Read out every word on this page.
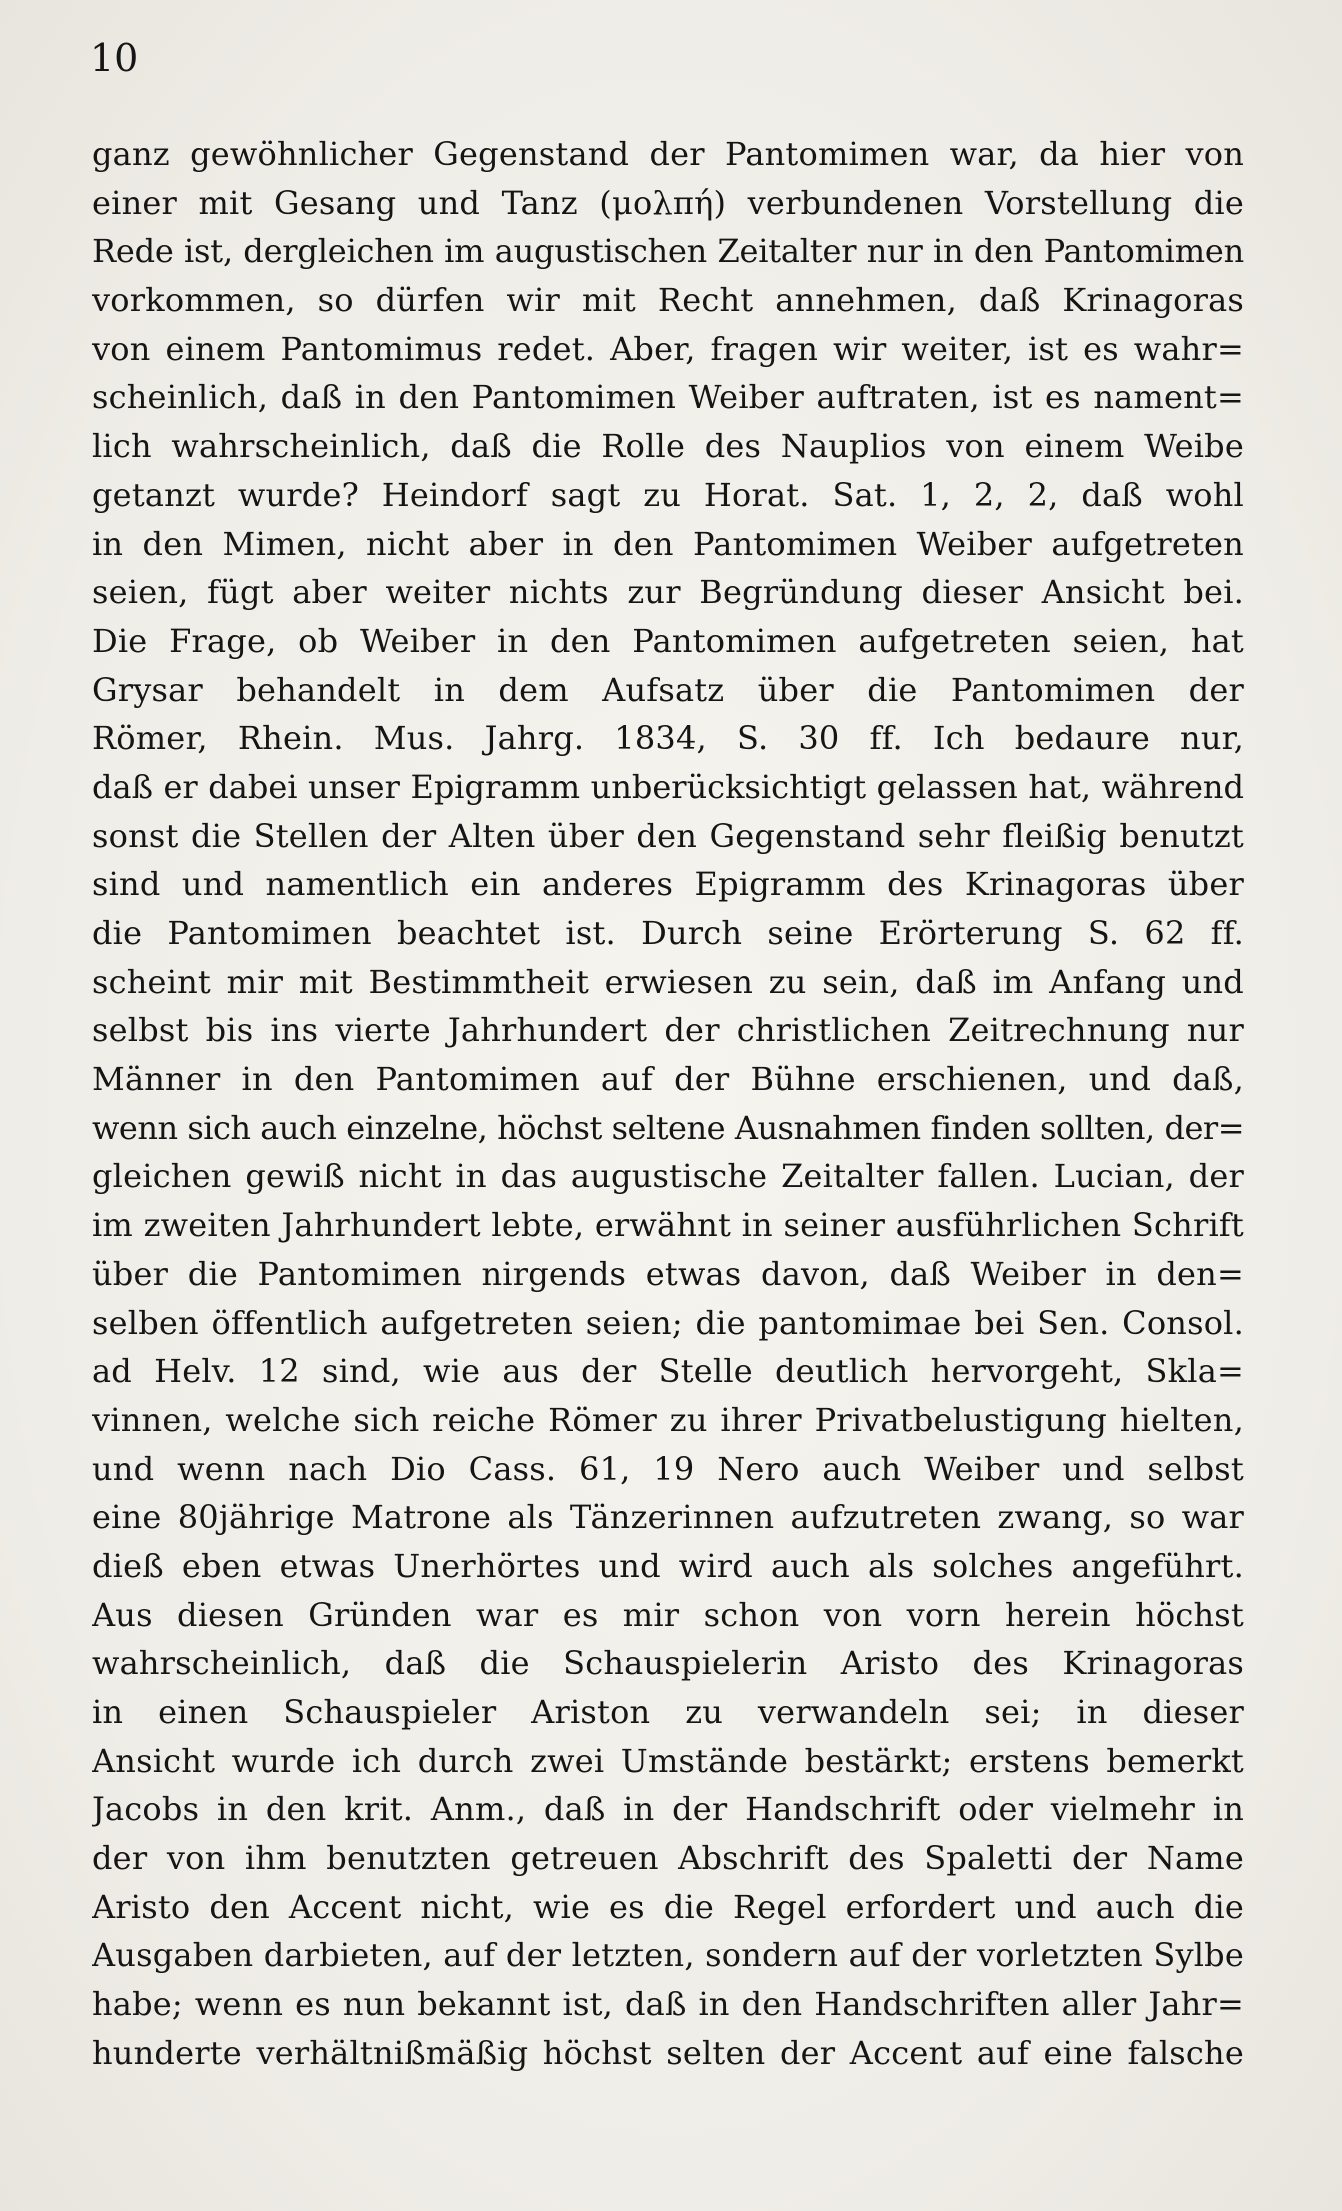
10
ganz gewöhnlicher Gegenstand der Pantomimen war, da hier von
einer mit Gesang und Tanz (μολπή) verbundenen Vorstellung die
Rede ist, dergleichen im augustischen Zeitalter nur in den Pantomimen
vorkommen, so dürfen wir mit Recht annehmen, daß Krinagoras
von einem Pantomimus redet. Aber, fragen wir weiter, ist es wahr=
scheinlich, daß in den Pantomimen Weiber auftraten, ist es nament=
lich wahrscheinlich, daß die Rolle des Nauplios von einem Weibe
getanzt wurde? Heindorf sagt zu Horat. Sat. 1, 2, 2, daß wohl
in den Mimen, nicht aber in den Pantomimen Weiber aufgetreten
seien, fügt aber weiter nichts zur Begründung dieser Ansicht bei.
Die Frage, ob Weiber in den Pantomimen aufgetreten seien, hat
Grysar behandelt in dem Aufsatz über die Pantomimen der
Römer, Rhein. Mus. Jahrg. 1834, S. 30 ff. Ich bedaure nur,
daß er dabei unser Epigramm unberücksichtigt gelassen hat, während
sonst die Stellen der Alten über den Gegenstand sehr fleißig benutzt
sind und namentlich ein anderes Epigramm des Krinagoras über
die Pantomimen beachtet ist. Durch seine Erörterung S. 62 ff.
scheint mir mit Bestimmtheit erwiesen zu sein, daß im Anfang und
selbst bis ins vierte Jahrhundert der christlichen Zeitrechnung nur
Männer in den Pantomimen auf der Bühne erschienen, und daß,
wenn sich auch einzelne, höchst seltene Ausnahmen finden sollten, der=
gleichen gewiß nicht in das augustische Zeitalter fallen. Lucian, der
im zweiten Jahrhundert lebte, erwähnt in seiner ausführlichen Schrift
über die Pantomimen nirgends etwas davon, daß Weiber in den=
selben öffentlich aufgetreten seien; die pantomimae bei Sen. Consol.
ad Helv. 12 sind, wie aus der Stelle deutlich hervorgeht, Skla=
vinnen, welche sich reiche Römer zu ihrer Privatbelustigung hielten,
und wenn nach Dio Cass. 61, 19 Nero auch Weiber und selbst
eine 80jährige Matrone als Tänzerinnen aufzutreten zwang, so war
dieß eben etwas Unerhörtes und wird auch als solches angeführt.
Aus diesen Gründen war es mir schon von vorn herein höchst
wahrscheinlich, daß die Schauspielerin Aristo des Krinagoras
in einen Schauspieler Ariston zu verwandeln sei; in dieser
Ansicht wurde ich durch zwei Umstände bestärkt; erstens bemerkt
Jacobs in den krit. Anm., daß in der Handschrift oder vielmehr in
der von ihm benutzten getreuen Abschrift des Spaletti der Name
Aristo den Accent nicht, wie es die Regel erfordert und auch die
Ausgaben darbieten, auf der letzten, sondern auf der vorletzten Sylbe
habe; wenn es nun bekannt ist, daß in den Handschriften aller Jahr=
hunderte verhältnißmäßig höchst selten der Accent auf eine falsche
